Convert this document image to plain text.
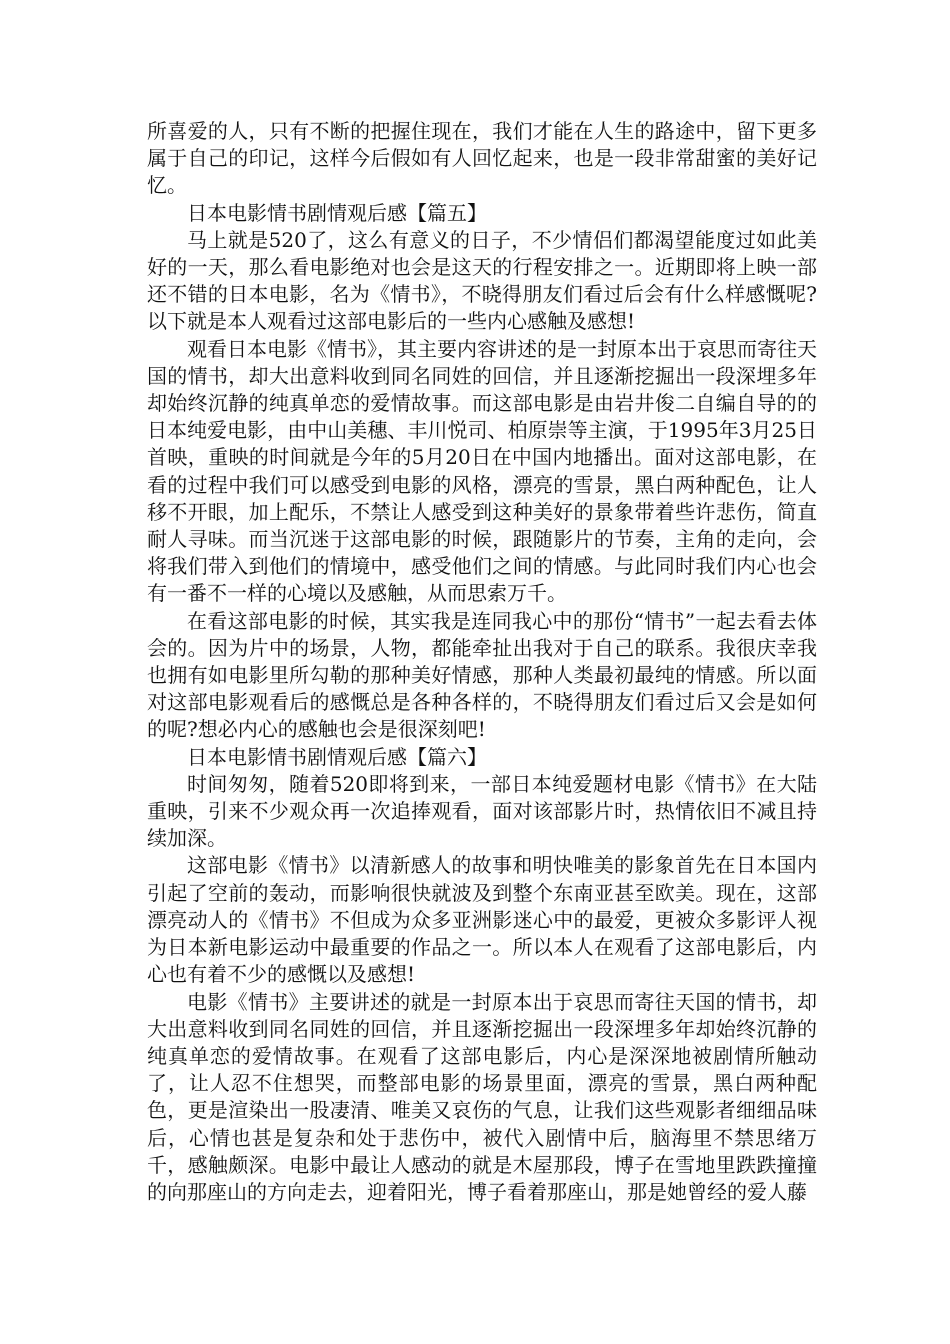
所喜爱的人，只有不断的把握住现在，我们才能在人生的路途中，留下更多属于自己的印记，这样今后假如有人回忆起来，也是一段非常甜蜜的美好记忆。

日本电影情书剧情观后感【篇五】

马上就是520了，这么有意义的日子，不少情侣们都渴望能度过如此美好的一天，那么看电影绝对也会是这天的行程安排之一。近期即将上映一部还不错的日本电影，名为《情书》，不晓得朋友们看过后会有什么样感慨呢?以下就是本人观看过这部电影后的一些内心感触及感想!

观看日本电影《情书》，其主要内容讲述的是一封原本出于哀思而寄往天国的情书，却大出意料收到同名同姓的回信，并且逐渐挖掘出一段深埋多年却始终沉静的纯真单恋的爱情故事。而这部电影是由岩井俊二自编自导的的日本纯爱电影，由中山美穗、丰川悦司、柏原崇等主演，于1995年3月25日首映，重映的时间就是今年的5月20日在中国内地播出。面对这部电影，在看的过程中我们可以感受到电影的风格，漂亮的雪景，黑白两种配色，让人移不开眼，加上配乐，不禁让人感受到这种美好的景象带着些许悲伤，简直耐人寻味。而当沉迷于这部电影的时候，跟随影片的节奏，主角的走向，会将我们带入到他们的情境中，感受他们之间的情感。与此同时我们内心也会有一番不一样的心境以及感触，从而思索万千。

在看这部电影的时候，其实我是连同我心中的那份“情书”一起去看去体会的。因为片中的场景，人物，都能牵扯出我对于自己的联系。我很庆幸我也拥有如电影里所勾勒的那种美好情感，那种人类最初最纯的情感。所以面对这部电影观看后的感慨总是各种各样的，不晓得朋友们看过后又会是如何的呢?想必内心的感触也会是很深刻吧!

日本电影情书剧情观后感【篇六】

时间匆匆，随着520即将到来，一部日本纯爱题材电影《情书》在大陆重映，引来不少观众再一次追捧观看，面对该部影片时，热情依旧不减且持续加深。

这部电影《情书》以清新感人的故事和明快唯美的影象首先在日本国内引起了空前的轰动，而影响很快就波及到整个东南亚甚至欧美。现在，这部漂亮动人的《情书》不但成为众多亚洲影迷心中的最爱，更被众多影评人视为日本新电影运动中最重要的作品之一。所以本人在观看了这部电影后，内心也有着不少的感慨以及感想!

电影《情书》主要讲述的就是一封原本出于哀思而寄往天国的情书，却大出意料收到同名同姓的回信，并且逐渐挖掘出一段深埋多年却始终沉静的纯真单恋的爱情故事。在观看了这部电影后，内心是深深地被剧情所触动了，让人忍不住想哭，而整部电影的场景里面，漂亮的雪景，黑白两种配色，更是渲染出一股凄清、唯美又哀伤的气息，让我们这些观影者细细品味后，心情也甚是复杂和处于悲伤中，被代入剧情中后，脑海里不禁思绪万千，感触颇深。电影中最让人感动的就是木屋那段，博子在雪地里跌跌撞撞的向那座山的方向走去，迎着阳光，博子看着那座山，那是她曾经的爱人藤
